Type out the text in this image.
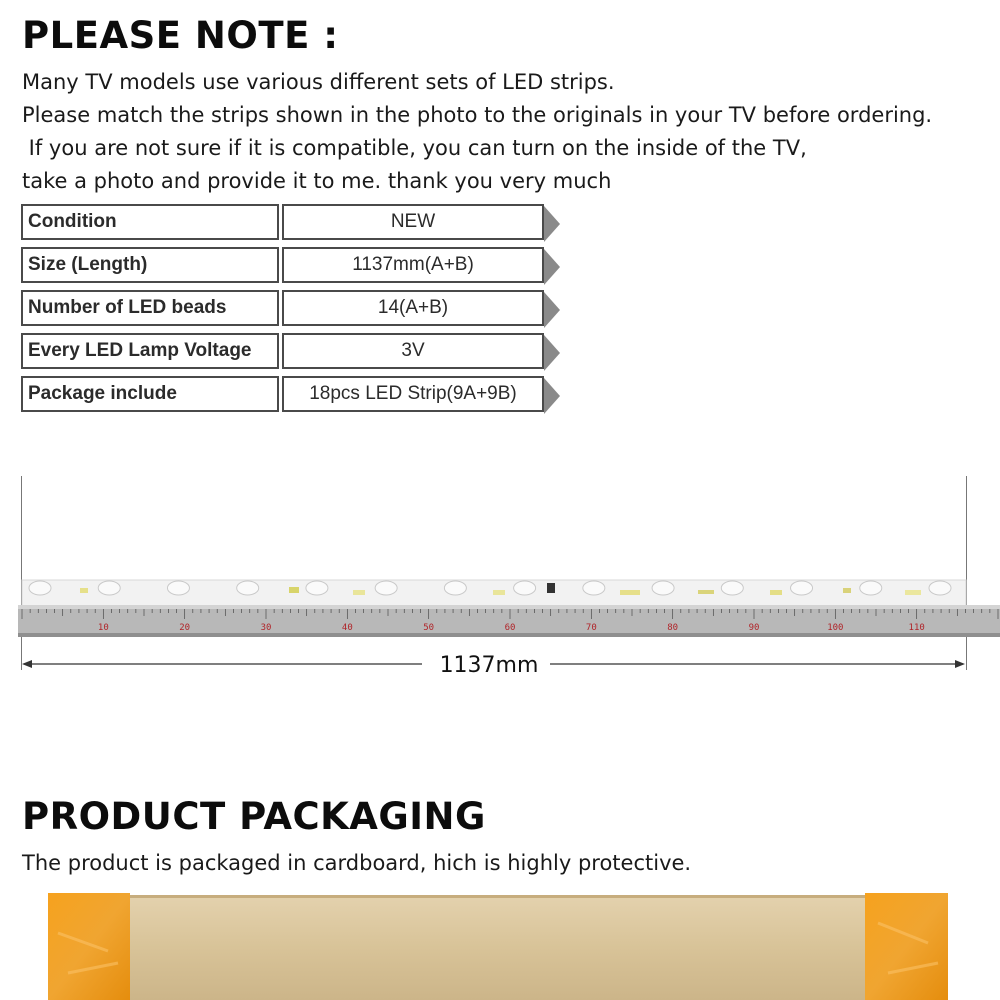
PLEASE NOTE :
Many TV models use various different sets of LED strips.
Please match the strips shown in the photo to the originals in your TV before ordering.
If you are not sure if it is compatible, you can turn on the inside of the TV,
take a photo and provide it to me. thank you very much
Condition	NEW
Size (Length)	1137mm(A+B)
Number of LED beads	14(A+B)
Every LED Lamp Voltage	3V
Package include	18pcs LED Strip(9A+9B)
10	20	30	40	50	60	70	80	90	100	110
1137mm
PRODUCT PACKAGING
The product is packaged in cardboard, hich is highly protective.
